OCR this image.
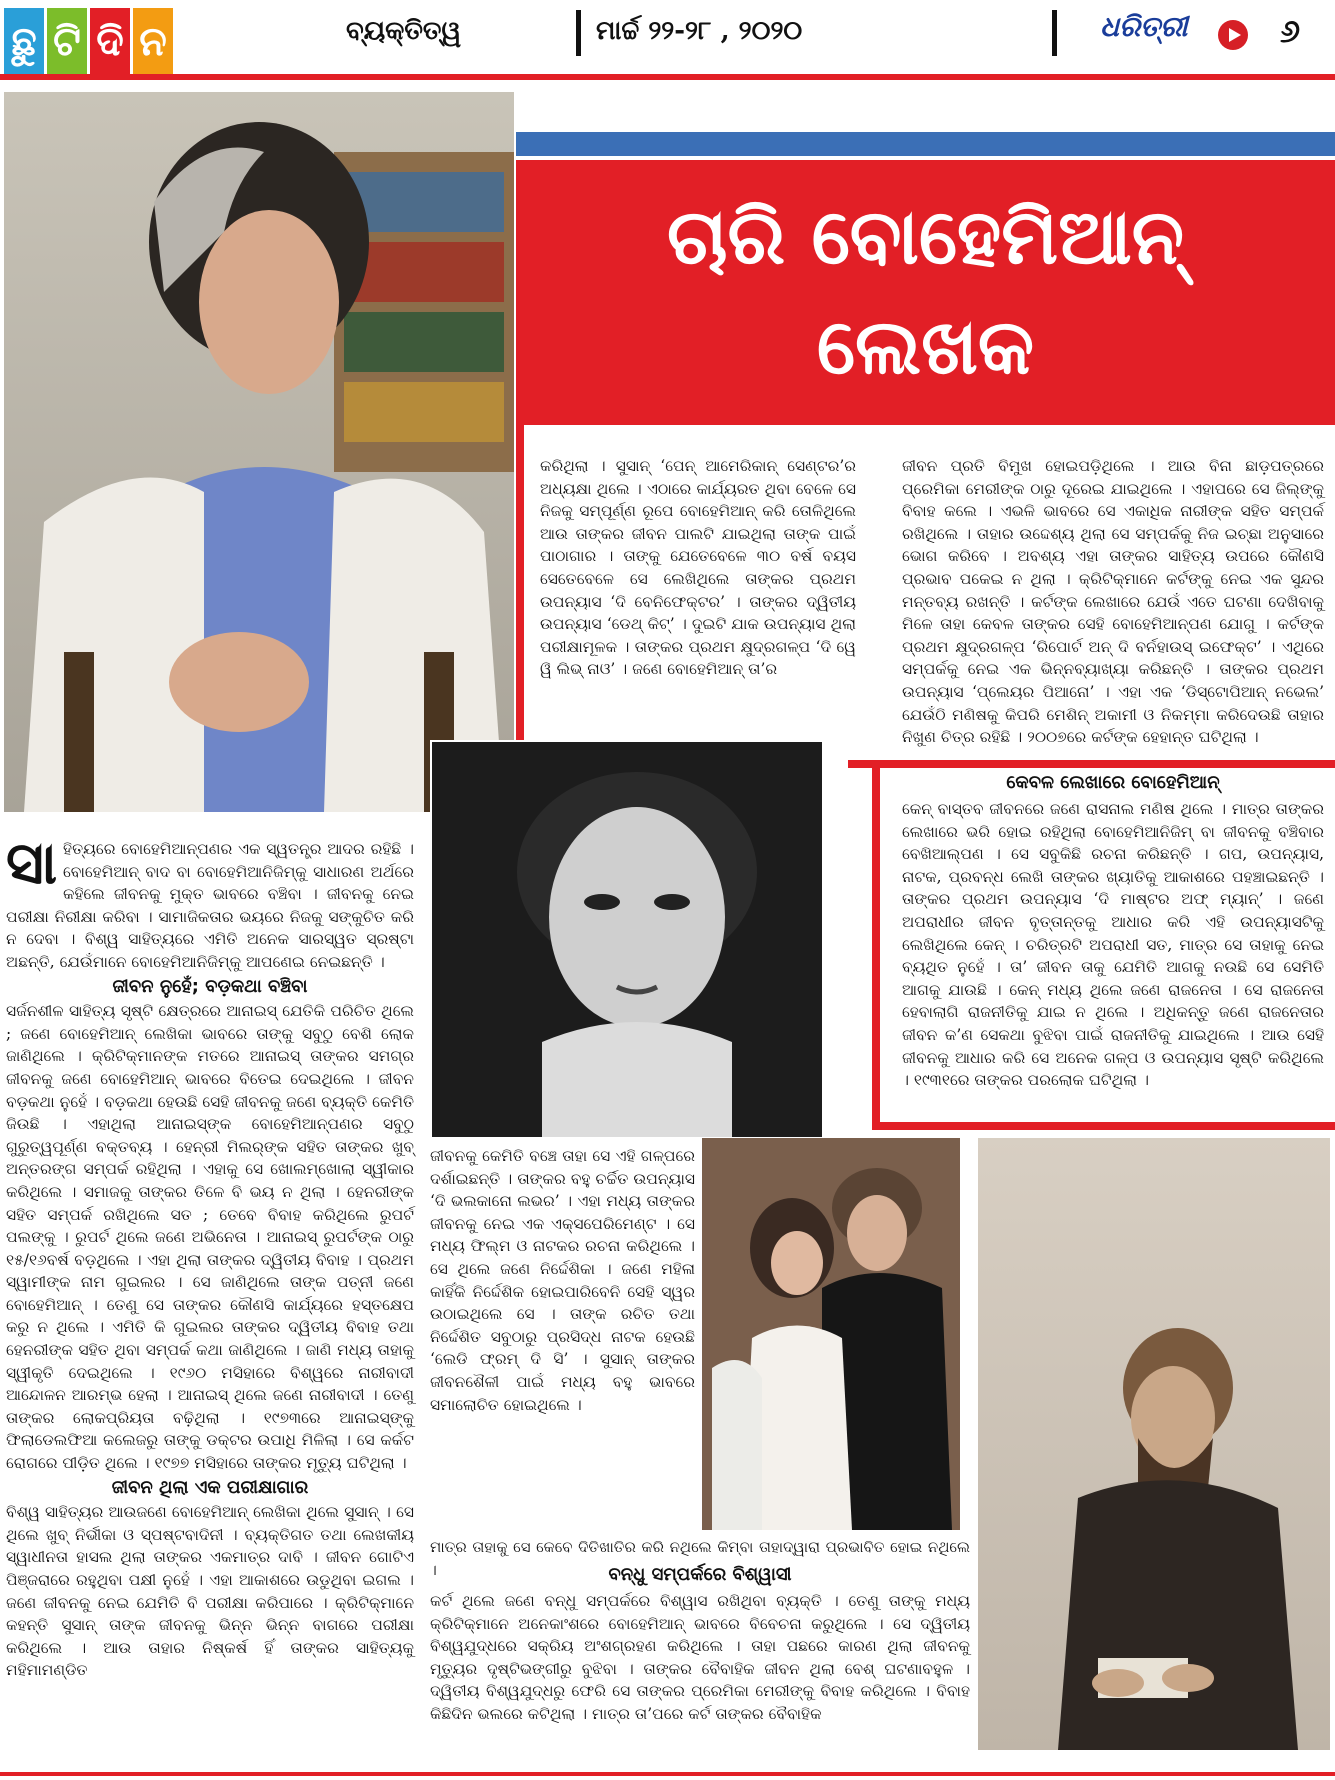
ଛୁ ଟି ଦି ନ	ବ୍ୟକ୍ତିତ୍ୱ	ମାର୍ଚ୍ଚ ୨୨-୨୮ , ୨୦୨୦	ଧରିତ୍ରୀ	୬
ଚାରି ବୋହେମିଆନ୍
ଲେଖକ

କରିଥିଲା । ସୁସାନ୍ ‘ପେନ୍ ଆମେରିକାନ୍ ସେଣ୍ଟର’ର ଅଧ୍ୟକ୍ଷା ଥିଲେ । ଏଠାରେ କାର୍ଯ୍ୟରତ ଥିବା ବେଳେ ସେ ନିଜକୁ ସମ୍ପୂର୍ଣ୍ଣ ରୂପେ ବୋହେମିଆନ୍ କରି ତୋଳିଥିଲେ ଆଉ ତାଙ୍କର ଜୀବନ ପାଲଟି ଯାଇଥିଲା ତାଙ୍କ ପାଇଁ ପାଠାଗାର । ତାଙ୍କୁ ଯେତେବେଳେ ୩୦ ବର୍ଷ ବୟସ ସେତେବେଳେ ସେ ଲେଖିଥିଲେ ତାଙ୍କର ପ୍ରଥମ ଉପନ୍ୟାସ ‘ଦି ବେନିଫେକ୍ଟର’ । ତାଙ୍କର ଦ୍ୱିତୀୟ ଉପନ୍ୟାସ ‘ଡେଥ୍ କିଟ୍’ । ଦୁଇଟି ଯାକ ଉପନ୍ୟାସ ଥିଲା ପରୀକ୍ଷାମୂଳକ । ତାଙ୍କର ପ୍ରଥମ କ୍ଷୁଦ୍ରଗଳ୍ପ ‘ଦି ୱେ ୱି ଲିଭ୍ ନାଓ’ । ଜଣେ ବୋହେମିଆନ୍ ତା’ର

ଜୀବନ ପ୍ରତି ବିମୁଖ ହୋଇପଡ଼ିଥିଲେ । ଆଉ ବିନା ଛାଡ଼ପତ୍ରରେ ପ୍ରେମିକା ମେରୀଙ୍କ ଠାରୁ ଦୂରେଇ ଯାଇଥିଲେ । ଏହାପରେ ସେ ଜିଲ୍ଙ୍କୁ ବିବାହ କଲେ । ଏଭଳି ଭାବରେ ସେ ଏକାଧିକ ନାରୀଙ୍କ ସହିତ ସମ୍ପର୍କ ରଖିଥିଲେ । ତାହାର ଉଦ୍ଦେଶ୍ୟ ଥିଲା ସେ ସମ୍ପର୍କକୁ ନିଜ ଇଚ୍ଛା ଅନୁସାରେ ଭୋଗ କରିବେ । ଅବଶ୍ୟ ଏହା ତାଙ୍କର ସାହିତ୍ୟ ଉପରେ କୌଣସି ପ୍ରଭାବ ପକେଇ ନ ଥିଲା । କ୍ରିଟିକ୍ମାନେ କର୍ଟଙ୍କୁ ନେଇ ଏକ ସୁନ୍ଦର ମନ୍ତବ୍ୟ ରଖନ୍ତି । କର୍ଟଙ୍କ ଲେଖାରେ ଯେଉଁ ଏତେ ଘଟଣା ଦେଖିବାକୁ ମିଳେ ତାହା କେବଳ ତାଙ୍କର ସେହି ବୋହେମିଆନ୍‌ପଣ ଯୋଗୁ । କର୍ଟଙ୍କ ପ୍ରଥମ କ୍ଷୁଦ୍ରଗଳ୍ପ ‘ରିପୋର୍ଟ ଅନ୍ ଦି ବର୍ନହାଉସ୍ ଇଫେକ୍ଟ’ । ଏଥିରେ ସମ୍ପର୍କକୁ ନେଇ ଏକ ଭିନ୍ନବ୍ୟାଖ୍ୟା କରିଛନ୍ତି । ତାଙ୍କର ପ୍ରଥମ ଉପନ୍ୟାସ ‘ପ୍ଲେୟର ପିଆନୋ’ । ଏହା ଏକ ‘ଡିସ୍ଟୋପିଆନ୍ ନଭେଲ’ ଯେଉଁଠି ମଣିଷକୁ କିପରି ମେଶିନ୍ ଅକାମୀ ଓ ନିକମ୍ମା କରିଦେଉଛି ତାହାର ନିଖୁଣ ଚିତ୍ର ରହିଛି । ୨୦୦୭ରେ କର୍ଟଙ୍କ ହେହାନ୍ତ ଘଟିଥିଲା ।

କେବଳ ଲେଖାରେ ବୋହେମିଆନ୍

କେନ୍ ବାସ୍ତବ ଜୀବନରେ ଜଣେ ରାସନାଲ ମଣିଷ ଥିଲେ । ମାତ୍ର ତାଙ୍କର ଲେଖାରେ ଭରି ହୋଇ ରହିଥିଲା ବୋହେମିଆନିଜିମ୍ ବା ଜୀବନକୁ ବଞ୍ଚିବାର ବେଖିଆଲ୍‌ପଣ । ସେ ସବୁକିଛି ରଚନା କରିଛନ୍ତି । ଗପ, ଉପନ୍ୟାସ, ନାଟକ, ପ୍ରବନ୍ଧ ଲେଖି ତାଙ୍କର ଖ୍ୟାତିକୁ ଆକାଶରେ ପହଞ୍ଚାଇଛନ୍ତି । ତାଙ୍କର ପ୍ରଥମ ଉପନ୍ୟାସ ‘ଦି ମାଷ୍ଟର ଅଫ୍ ମ୍ୟାନ୍’ । ଜଣେ ଅପରାଧୀର ଜୀବନ ବୃତ୍ତାନ୍ତକୁ ଆଧାର କରି ଏହି ଉପନ୍ୟାସଟିକୁ ଲେଖିଥିଲେ କେନ୍ । ଚରିତ୍ରଟି ଅପରାଧୀ ସତ, ମାତ୍ର ସେ ତାହାକୁ ନେଇ ବ୍ୟଥିତ ନୁହେଁ । ତା’ ଜୀବନ ତାକୁ ଯେମିତି ଆଗକୁ ନଉଛି ସେ ସେମିତି ଆଗକୁ ଯାଉଛି । କେନ୍ ମଧ୍ୟ ଥିଲେ ଜଣେ ରାଜନେତା । ସେ ରାଜନେତା ହେବାଲାଗି ରାଜନୀତିକୁ ଯାଇ ନ ଥିଲେ । ଅଧିକନ୍ତୁ ଜଣେ ରାଜନେତାର ଜୀବନ କ’ଣ ସେକଥା ବୁଝିବା ପାଇଁ ରାଜନୀତିକୁ ଯାଇଥିଲେ । ଆଉ ସେହି ଜୀବନକୁ ଆଧାର କରି ସେ ଅନେକ ଗଳ୍ପ ଓ ଉପନ୍ୟାସ ସୃଷ୍ଟି କରିଥିଲେ । ୧୯୩୧ରେ ତାଙ୍କର ପରଲୋକ ଘଟିଥିଲା ।

ସା ହିତ୍ୟରେ ବୋହେମିଆନ୍‌ପଣର ଏକ ସ୍ୱତନ୍ତ୍ର ଆଦର ରହିଛି । ବୋହେମିଆନ୍ ବାଦ ବା ବୋହେମିଆନିଜିମ୍‌କୁ ସାଧାରଣ ଅର୍ଥରେ କହିଲେ ଜୀବନକୁ ମୁକ୍ତ ଭାବରେ ବଞ୍ଚିବା । ଜୀବନକୁ ନେଇ ପରୀକ୍ଷା ନିରୀକ୍ଷା କରିବା । ସାମାଜିକତାର ଭୟରେ ନିଜକୁ ସଙ୍କୁଚିତ କରି ନ ଦେବା । ବିଶ୍ୱ ସାହିତ୍ୟରେ ଏମିତି ଅନେକ ସାରସ୍ୱତ ସ୍ରଷ୍ଟା ଅଛନ୍ତି, ଯେଉଁମାନେ ବୋହେମିଆନିଜିମ୍‌କୁ ଆପଣେଇ ନେଇଛନ୍ତି ।

ଜୀବନ ନୁହେଁ; ବଡ଼କଥା ବଞ୍ଚିବା

ସର୍ଜନଶୀଳ ସାହିତ୍ୟ ସୃଷ୍ଟି କ୍ଷେତ୍ରରେ ଆନାଇସ୍ ଯେତିକି ପରିଚିତ ଥିଲେ ; ଜଣେ ବୋହେମିଆନ୍ ଲେଖିକା ଭାବରେ ତାଙ୍କୁ ସବୁଠୁ ବେଶି ଲୋକ ଜାଣିଥିଲେ । କ୍ରିଟିକ୍ମାନଙ୍କ ମତରେ ଆନାଇସ୍ ତାଙ୍କର ସମଗ୍ର ଜୀବନକୁ ଜଣେ ବୋହେମିଆନ୍ ଭାବରେ ବିତେଇ ଦେଇଥିଲେ । ଜୀବନ ବଡ଼କଥା ନୁହେଁ । ବଡ଼କଥା ହେଉଛି ସେହି ଜୀବନକୁ ଜଣେ ବ୍ୟକ୍ତି କେମିତି ଜିଉଛି । ଏହାଥିଲା ଆନାଇସ୍‌ଙ୍କ ବୋହେମିଆନ୍‌ପଣର ସବୁଠୁ ଗୁରୁତ୍ୱପୂର୍ଣ୍ଣ ବକ୍ତବ୍ୟ । ହେନ୍ରୀ ମିଲର୍‌ଙ୍କ ସହିତ ତାଙ୍କର ଖୁବ୍ ଅନ୍ତରଙ୍ଗ ସମ୍ପର୍କ ରହିଥିଲା । ଏହାକୁ ସେ ଖୋଲମ୍ଖୋଲା ସ୍ୱୀକାର କରିଥିଲେ । ସମାଜକୁ ତାଙ୍କର ତିଳେ ବି ଭୟ ନ ଥିଲା । ହେନରୀଙ୍କ ସହିତ ସମ୍ପର୍କ ରଖିଥିଲେ ସତ ; ତେବେ ବିବାହ କରିଥିଲେ ରୁପର୍ଟ ପଲଙ୍କୁ । ରୁପର୍ଟ ଥିଲେ ଜଣେ ଅଭିନେତା । ଆନାଇସ୍ ରୁପର୍ଟଙ୍କ ଠାରୁ ୧୫/୧୬ବର୍ଷ ବଡ଼ଥିଲେ । ଏହା ଥିଲା ତାଙ୍କର ଦ୍ୱିତୀୟ ବିବାହ । ପ୍ରଥମ ସ୍ୱାମୀଙ୍କ ନାମ ଗୁଇଲର । ସେ ଜାଣିଥିଲେ ତାଙ୍କ ପତ୍ନୀ ଜଣେ ବୋହେମିଆନ୍ । ତେଣୁ ସେ ତାଙ୍କର କୌଣସି କାର୍ଯ୍ୟରେ ହସ୍ତକ୍ଷେପ କରୁ ନ ଥିଲେ । ଏମିତି କି ଗୁଇଲର ତାଙ୍କର ଦ୍ୱିତୀୟ ବିବାହ ତଥା ହେନରୀଙ୍କ ସହିତ ଥିବା ସମ୍ପର୍କ କଥା ଜାଣିଥିଲେ । ଜାଣି ମଧ୍ୟ ତାହାକୁ ସ୍ୱୀକୃତି ଦେଇଥିଲେ । ୧୯୬୦ ମସିହାରେ ବିଶ୍ୱରେ ନାରୀବାଦୀ ଆନ୍ଦୋଳନ ଆରମ୍ଭ ହେଲା । ଆନାଇସ୍ ଥିଲେ ଜଣେ ନାରୀବାଦୀ । ତେଣୁ ତାଙ୍କର ଲୋକପ୍ରିୟତା ବଢ଼ିଥିଲା । ୧୯୭୩ରେ ଆନାଇସ୍‌ଙ୍କୁ ଫିଲାଡେଲଫିଆ କଲେଜରୁ ତାଙ୍କୁ ଡକ୍ଟର ଉପାଧି ମିଳିଲା । ସେ କର୍କଟ ରୋଗରେ ପୀଡ଼ିତ ଥିଲେ । ୧୯୭୭ ମସିହାରେ ତାଙ୍କର ମୃତ୍ୟୁ ଘଟିଥିଲା ।

ଜୀବନ ଥିଲା ଏକ ପରୀକ୍ଷାଗାର

ବିଶ୍ୱ ସାହିତ୍ୟର ଆଉଜଣେ ବୋହେମିଆନ୍ ଲେଖିକା ଥିଲେ ସୁସାନ୍ । ସେ ଥିଲେ ଖୁବ୍ ନିର୍ଭୀକା ଓ ସ୍ପଷ୍ଟବାଦିନୀ । ବ୍ୟକ୍ତିଗତ ତଥା ଲେଖକୀୟ ସ୍ୱାଧୀନତା ହାସଲ ଥିଲା ତାଙ୍କର ଏକମାତ୍ର ଦାବି । ଜୀବନ ଗୋଟିଏ ପିଞ୍ଜରାରେ ରହୁଥିବା ପକ୍ଷୀ ନୁହେଁ । ଏହା ଆକାଶରେ ଉଡୁଥିବା ଇଗଲ । ଜଣେ ଜୀବନକୁ ନେଇ ଯେମିତି ବି ପରୀକ୍ଷା କରିପାରେ । କ୍ରିଟିକ୍ମାନେ କହନ୍ତି ସୁସାନ୍ ତାଙ୍କ ଜୀବନକୁ ଭିନ୍ନ ଭିନ୍ନ ବାଗରେ ପରୀକ୍ଷା କରିଥିଲେ । ଆଉ ତାହାର ନିଷ୍କର୍ଷ ହିଁ ତାଙ୍କର ସାହିତ୍ୟକୁ ମହିମାମଣ୍ଡିତ

ଜୀବନକୁ କେମିତି ବଞ୍ଚେ ତାହା ସେ ଏହି ଗଳ୍ପରେ ଦର୍ଶାଇଛନ୍ତି । ତାଙ୍କର ବହୁ ଚର୍ଚ୍ଚିତ ଉପନ୍ୟାସ ‘ଦି ଭଲକାନୋ ଲଭର’ । ଏହା ମଧ୍ୟ ତାଙ୍କର ଜୀବନକୁ ନେଇ ଏକ ଏକ୍ସପେରିମେଣ୍ଟ । ସେ ମଧ୍ୟ ଫିଲ୍ମ ଓ ନାଟକର ରଚନା କରିଥିଲେ । ସେ ଥିଲେ ଜଣେ ନିର୍ଦ୍ଦେଶିକା । ଜଣେ ମହିଳା କାହିଁକି ନିର୍ଦ୍ଦେଶିକ ହୋଇପାରିବେନି ସେହି ସ୍ୱର ଉଠାଇଥିଲେ ସେ । ତାଙ୍କ ରଚିତ ତଥା ନିର୍ଦ୍ଦେଶିତ ସବୁଠାରୁ ପ୍ରସିଦ୍ଧ ନାଟକ ହେଉଛି ‘ଲେଡି ଫ୍ରମ୍ ଦି ସି’ । ସୁସାନ୍ ତାଙ୍କର ଜୀବନଶୈଳୀ ପାଇଁ ମଧ୍ୟ ବହୁ ଭାବରେ ସମାଲୋଚିତ ହୋଇଥିଲେ ।

ମାତ୍ର ତାହାକୁ ସେ କେବେ ଦିତିଖାତିର କରି ନଥିଲେ କିମ୍ବା ତାହାଦ୍ୱାରା ପ୍ରଭାବିତ ହୋଇ ନଥିଲେ ।	ବନ୍ଧୁ ସମ୍ପର୍କରେ ବିଶ୍ୱାସୀ

କର୍ଟ ଥିଲେ ଜଣେ ବନ୍ଧୁ ସମ୍ପର୍କରେ ବିଶ୍ୱାସ ରଖିଥିବା ବ୍ୟକ୍ତି । ତେଣୁ ତାଙ୍କୁ ମଧ୍ୟ କ୍ରିଟିକ୍ମାନେ ଅନେକାଂଶରେ ବୋହେମିଆନ୍ ଭାବରେ ବିବେଚନା କରୁଥିଲେ । ସେ ଦ୍ୱିତୀୟ ବିଶ୍ୱଯୁଦ୍ଧରେ ସକ୍ରିୟ ଅଂଶଗ୍ରହଣ କରିଥିଲେ । ତାହା ପଛରେ କାରଣ ଥିଲା ଜୀବନକୁ ମୃତ୍ୟୁର ଦୃଷ୍ଟିଭଙ୍ଗୀରୁ ବୁଝିବା । ତାଙ୍କର ବୈବାହିକ ଜୀବନ ଥିଲା ବେଶ୍ ଘଟଣାବହୁଳ । ଦ୍ୱିତୀୟ ବିଶ୍ୱଯୁଦ୍ଧରୁ ଫେରି ସେ ତାଙ୍କର ପ୍ରେମିକା ମେରୀଙ୍କୁ ବିବାହ କରିଥିଲେ । ବିବାହ କିଛିଦିନ ଭଲରେ କଟିଥିଲା । ମାତ୍ର ତା’ପରେ କର୍ଟ ତାଙ୍କର ବୈବାହିକ
